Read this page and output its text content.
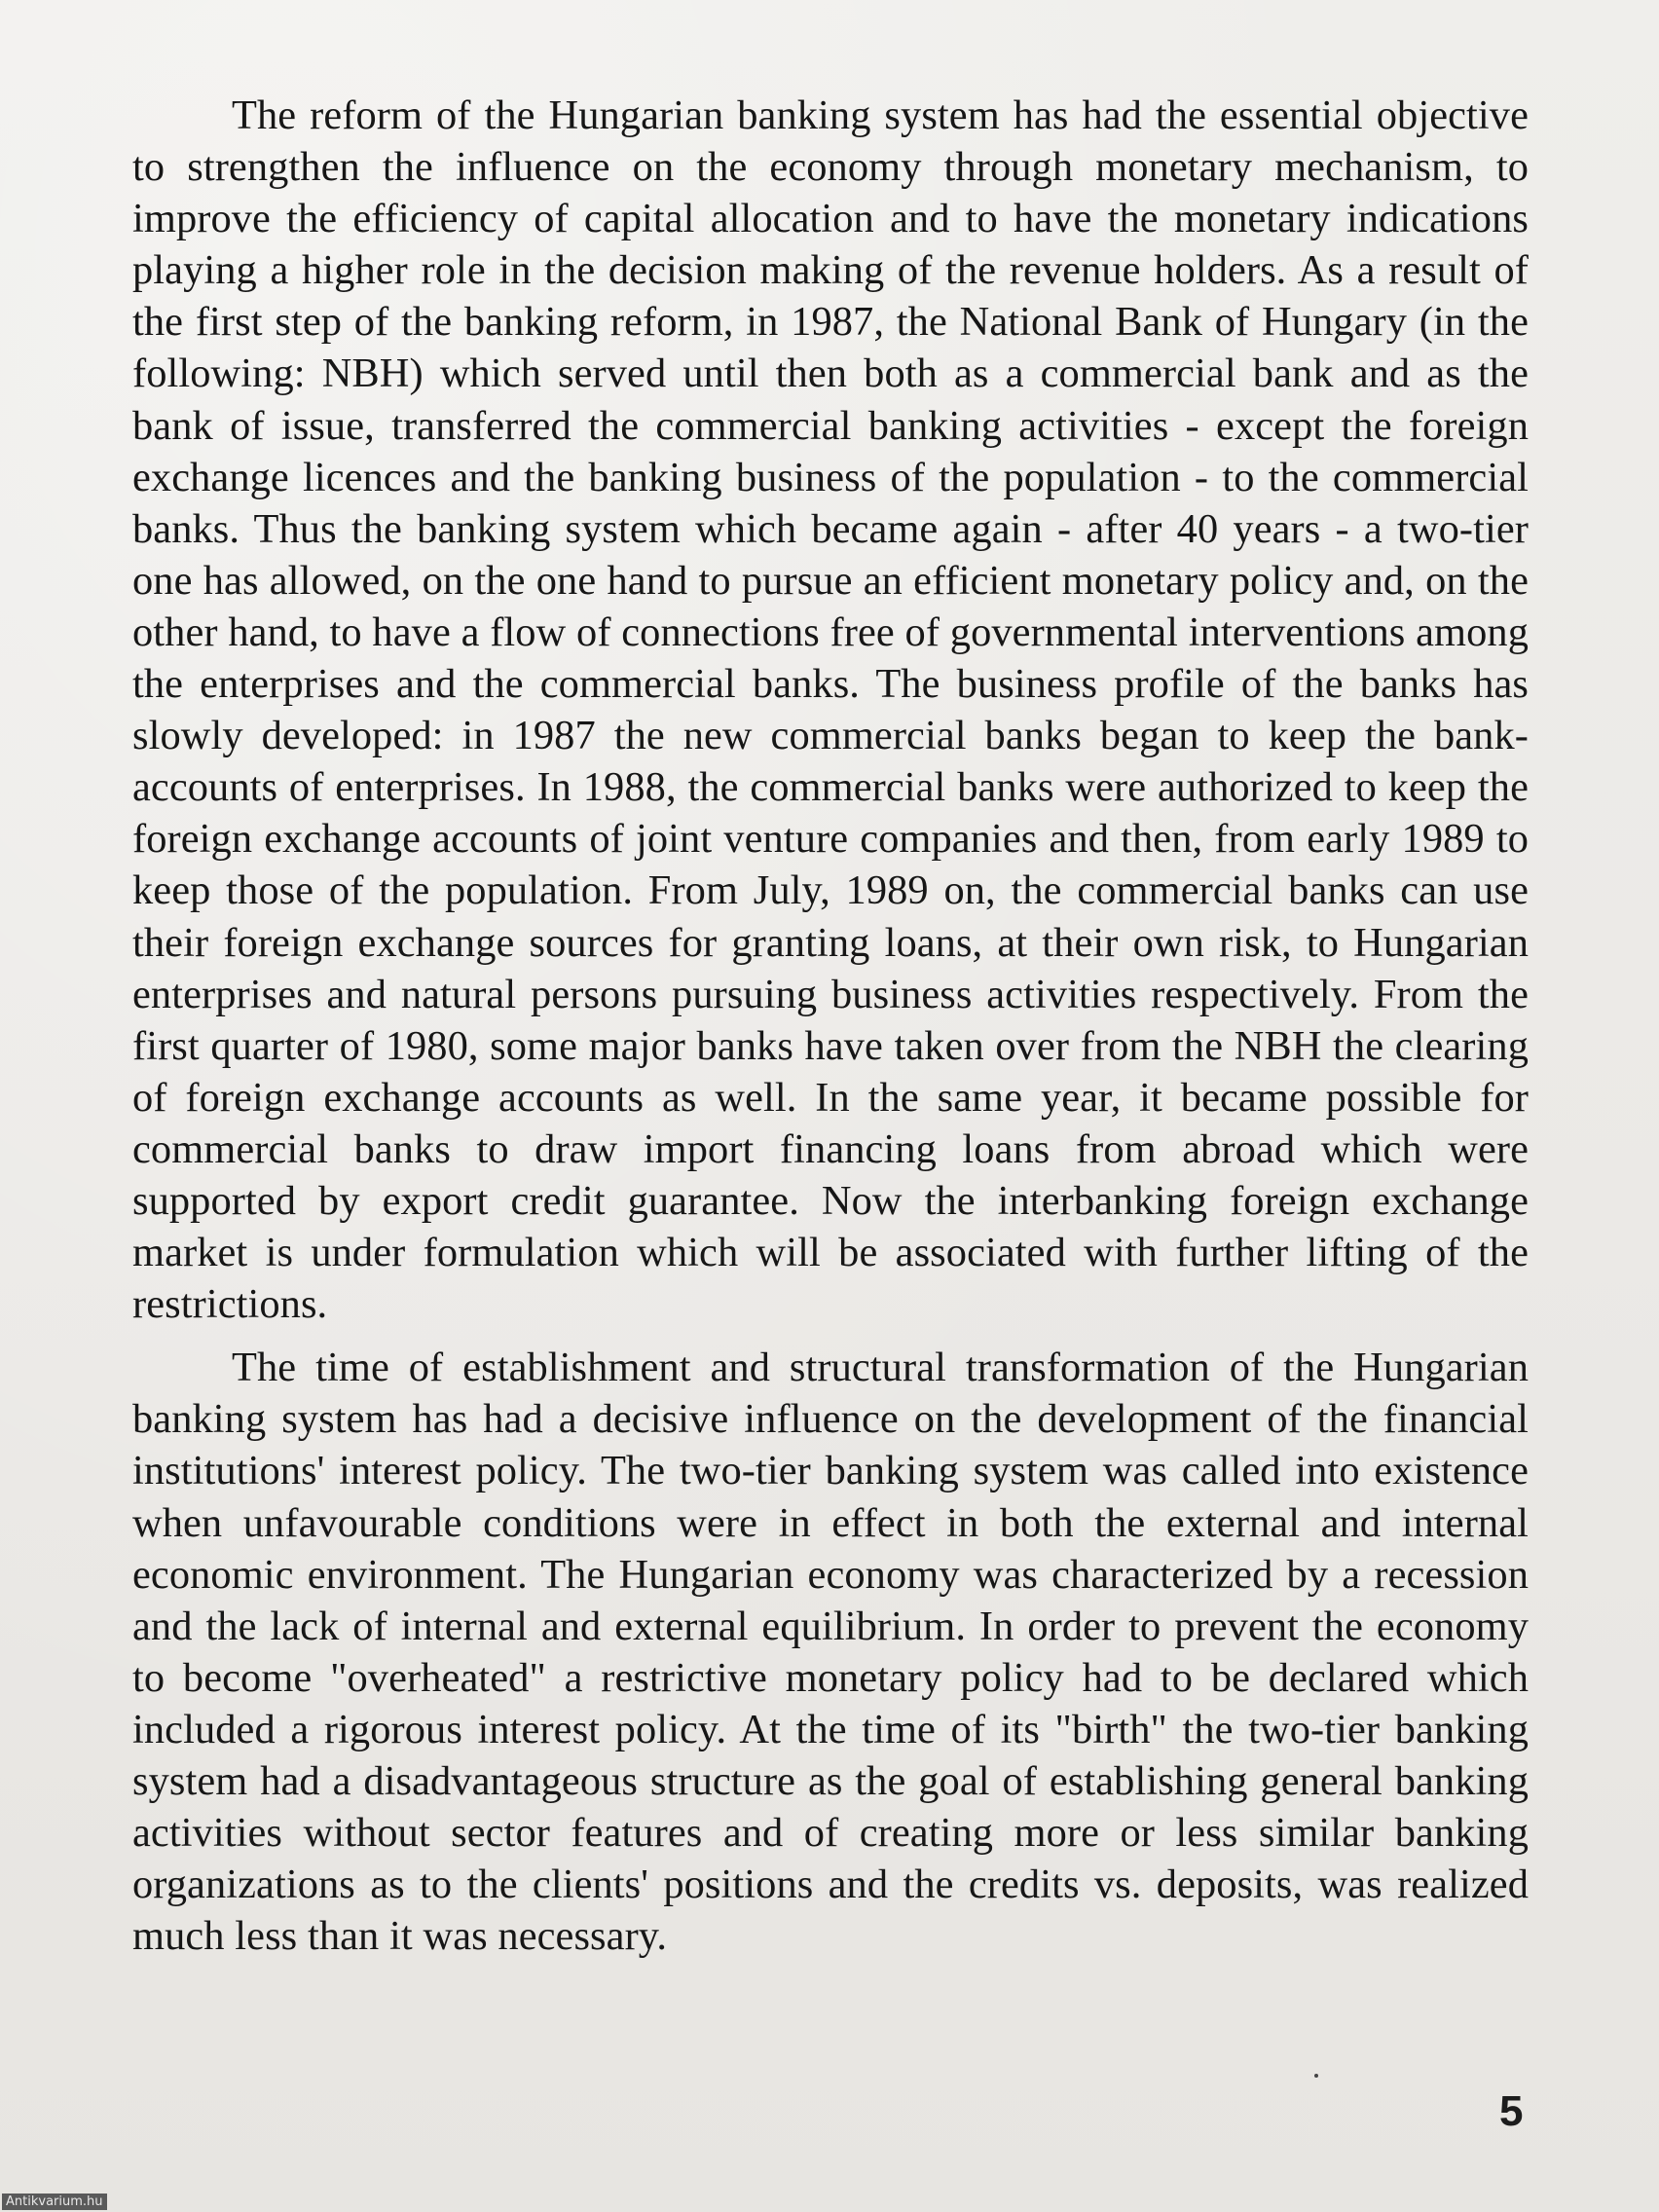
The reform of the Hungarian banking system has had the essential objective to strengthen the influence on the economy through monetary mechanism, to improve the efficiency of capital allocation and to have the monetary indications playing a higher role in the decision making of the revenue holders. As a result of the first step of the banking reform, in 1987, the National Bank of Hungary (in the following: NBH) which served until then both as a commercial bank and as the bank of issue, transferred the commercial banking activities - except the foreign exchange licences and the banking business of the population - to the commercial banks. Thus the banking system which became again - after 40 years - a two-tier one has allowed, on the one hand to pursue an efficient monetary policy and, on the other hand, to have a flow of connections free of governmental interventions among the enterprises and the commercial banks. The business profile of the banks has slowly developed: in 1987 the new commercial banks began to keep the bank-accounts of enterprises. In 1988, the commercial banks were authorized to keep the foreign exchange accounts of joint venture companies and then, from early 1989 to keep those of the population. From July, 1989 on, the commercial banks can use their foreign exchange sources for granting loans, at their own risk, to Hungarian enterprises and natural persons pursuing business activities respectively. From the first quarter of 1980, some major banks have taken over from the NBH the clearing of foreign exchange accounts as well. In the same year, it became possible for commercial banks to draw import financing loans from abroad which were supported by export credit guarantee. Now the interbanking foreign exchange market is under formulation which will be associated with further lifting of the restrictions.

The time of establishment and structural transformation of the Hungarian banking system has had a decisive influence on the development of the financial institutions' interest policy. The two-tier banking system was called into existence when unfavourable conditions were in effect in both the external and internal economic environment. The Hungarian economy was characterized by a recession and the lack of internal and external equilibrium. In order to prevent the economy to become "overheated" a restrictive monetary policy had to be declared which included a rigorous interest policy. At the time of its "birth" the two-tier banking system had a disadvantageous structure as the goal of establishing general banking activities without sector features and of creating more or less similar banking organizations as to the clients' positions and the credits vs. deposits, was realized much less than it was necessary.

5
Antikvarium.hu
